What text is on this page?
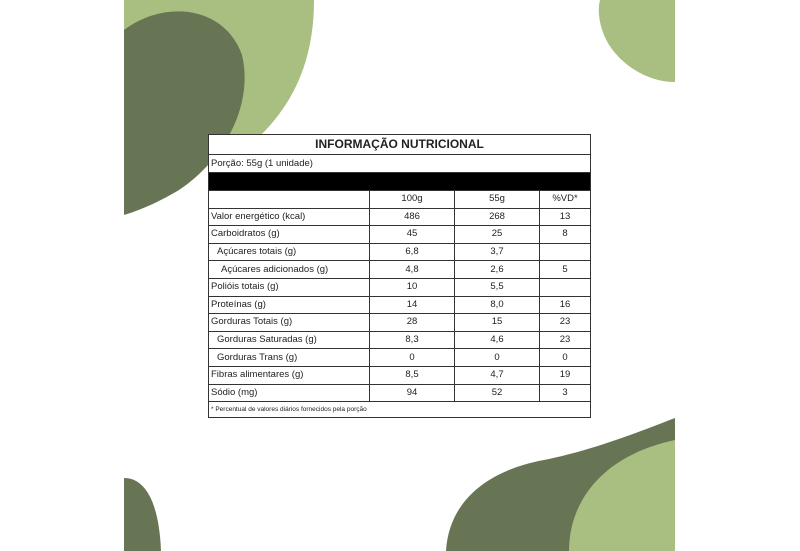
INFORMAÇÃO NUTRICIONAL
Porção: 55g (1 unidade)
	100g	55g	%VD*
Valor energético (kcal)	486	268	13
Carboidratos (g)	45	25	8
Açúcares totais (g)	6,8	3,7	
Açúcares adicionados (g)	4,8	2,6	5
Polióis totais (g)	10	5,5	
Proteínas (g)	14	8,0	16
Gorduras Totais (g)	28	15	23
Gorduras Saturadas (g)	8,3	4,6	23
Gorduras Trans (g)	0	0	0
Fibras alimentares (g)	8,5	4,7	19
Sódio (mg)	94	52	3
* Percentual de valores diários fornecidos pela porção
